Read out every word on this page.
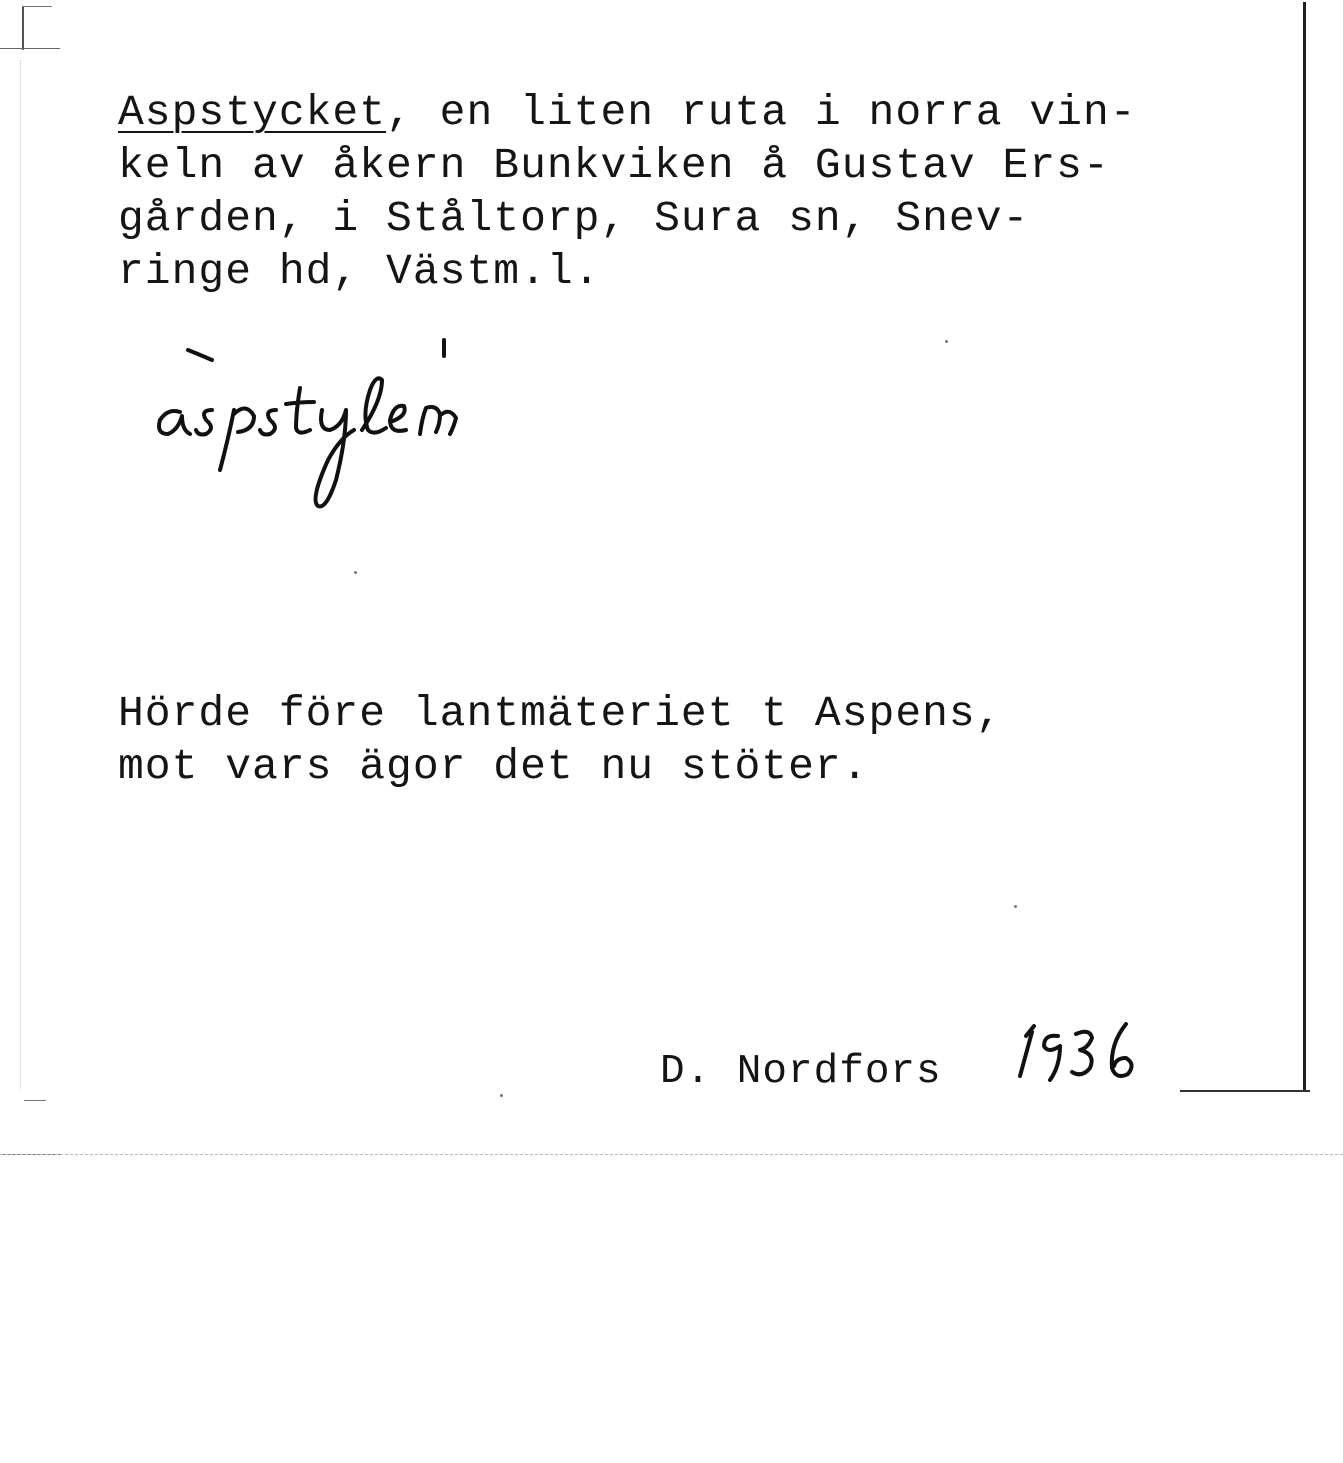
Aspstycket, en liten ruta i norra vin-
keln av åkern Bunkviken å Gustav Ers-
gården, i Ståltorp, Sura sn, Snev-
ringe hd, Västm.l.
Hörde före lantmäteriet t Aspens,
mot vars ägor det nu stöter.
D. Nordfors
